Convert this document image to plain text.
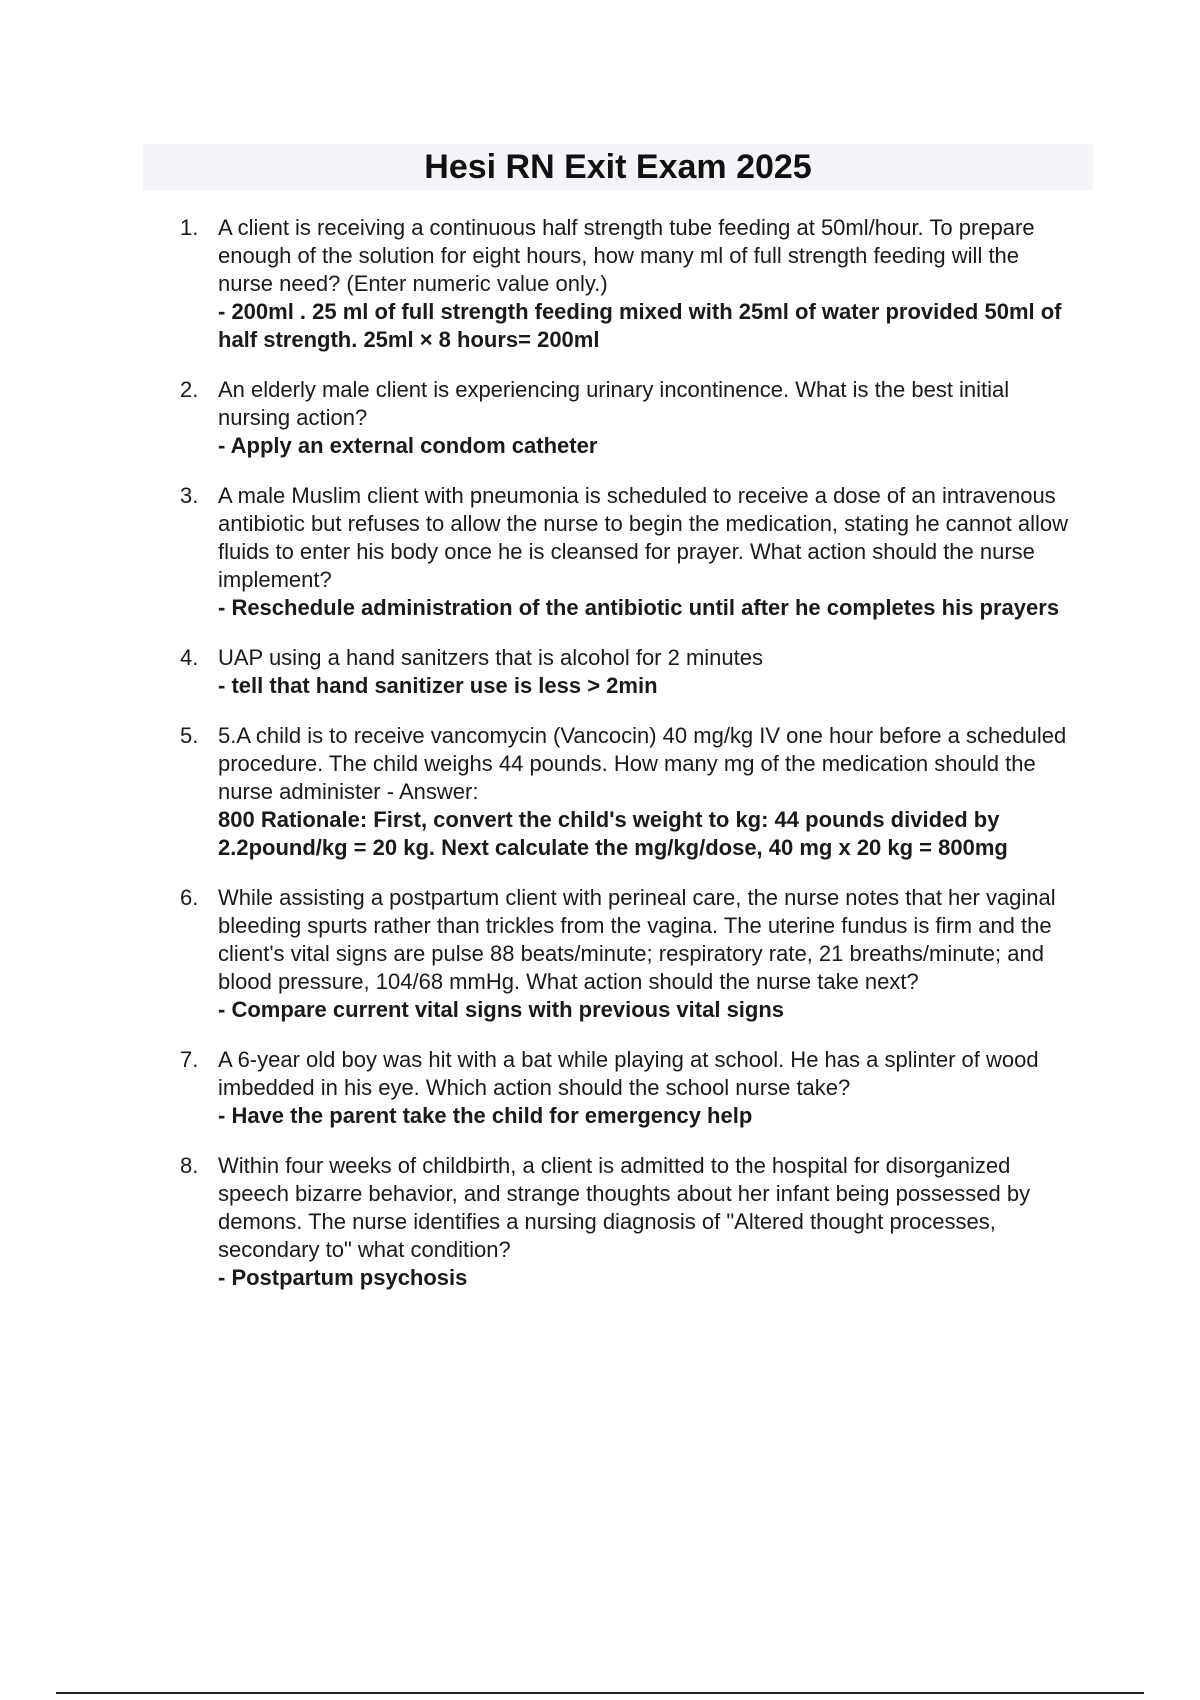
Hesi RN Exit Exam 2025
1. A client is receiving a continuous half strength tube feeding at 50ml/hour. To prepare enough of the solution for eight hours, how many ml of full strength feeding will the nurse need? (Enter numeric value only.)
- 200ml . 25 ml of full strength feeding mixed with 25ml of water provided 50ml of half strength. 25ml × 8 hours= 200ml
2. An elderly male client is experiencing urinary incontinence. What is the best initial nursing action?
- Apply an external condom catheter
3. A male Muslim client with pneumonia is scheduled to receive a dose of an intravenous antibiotic but refuses to allow the nurse to begin the medication, stating he cannot allow fluids to enter his body once he is cleansed for prayer. What action should the nurse implement?
- Reschedule administration of the antibiotic until after he completes his prayers
4. UAP using a hand sanitzers that is alcohol for 2 minutes
- tell that hand sanitizer use is less > 2min
5. 5.A child is to receive vancomycin (Vancocin) 40 mg/kg IV one hour before a scheduled procedure. The child weighs 44 pounds. How many mg of the medication should the nurse administer - Answer:
800 Rationale: First, convert the child's weight to kg: 44 pounds divided by 2.2pound/kg = 20 kg. Next calculate the mg/kg/dose, 40 mg x 20 kg = 800mg
6. While assisting a postpartum client with perineal care, the nurse notes that her vaginal bleeding spurts rather than trickles from the vagina. The uterine fundus is firm and the client's vital signs are pulse 88 beats/minute; respiratory rate, 21 breaths/minute; and blood pressure, 104/68 mmHg. What action should the nurse take next?
- Compare current vital signs with previous vital signs
7. A 6-year old boy was hit with a bat while playing at school. He has a splinter of wood imbedded in his eye. Which action should the school nurse take?
- Have the parent take the child for emergency help
8. Within four weeks of childbirth, a client is admitted to the hospital for disorganized speech bizarre behavior, and strange thoughts about her infant being possessed by demons. The nurse identifies a nursing diagnosis of "Altered thought processes, secondary to" what condition?
- Postpartum psychosis
